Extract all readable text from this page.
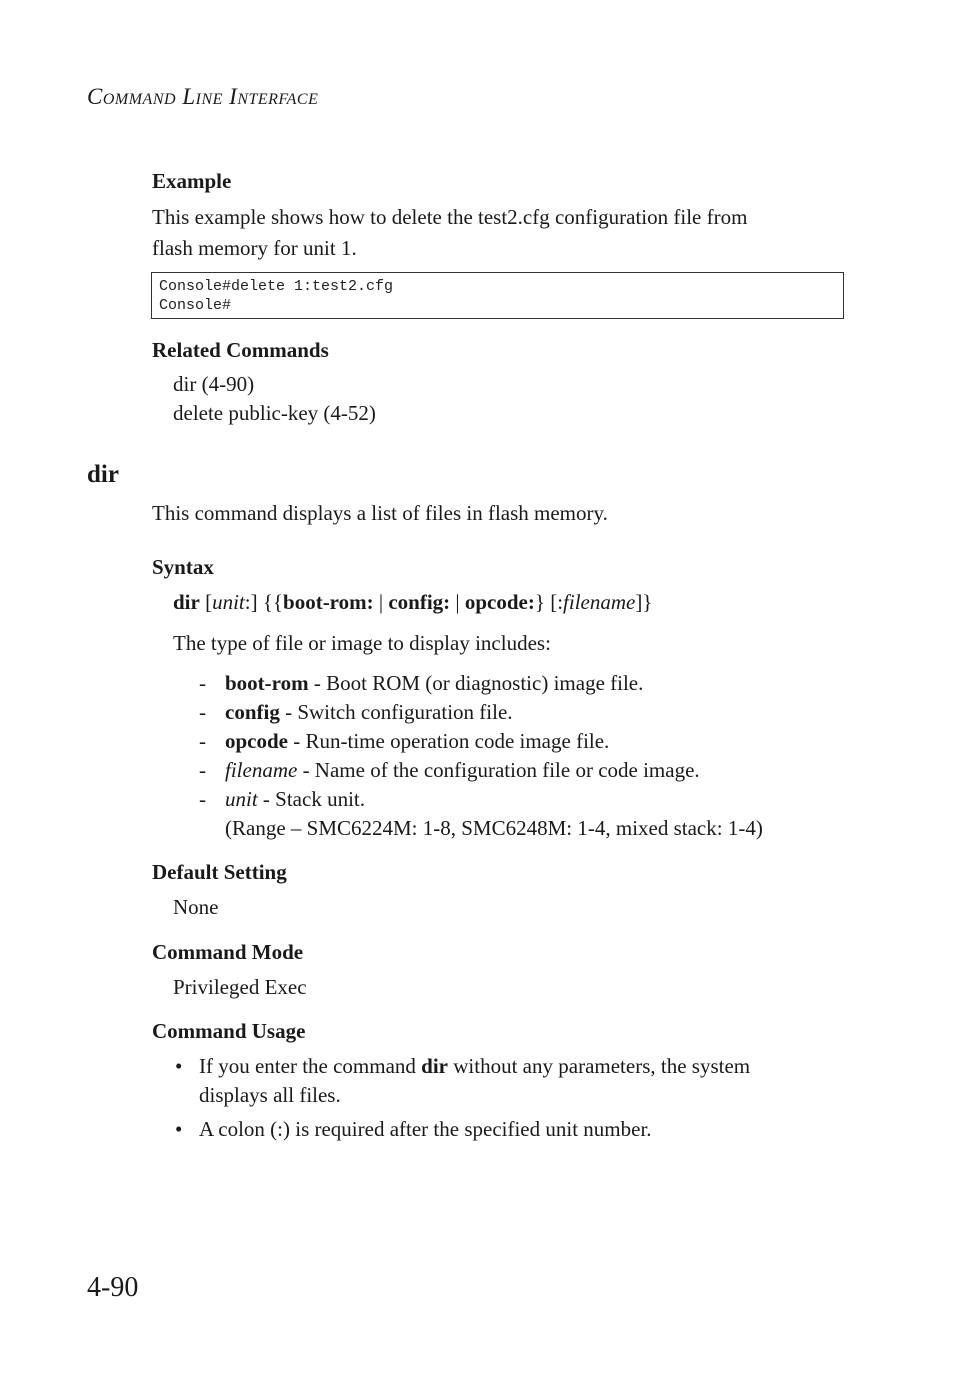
COMMAND LINE INTERFACE
Example
This example shows how to delete the test2.cfg configuration file from
flash memory for unit 1.
Console#delete 1:test2.cfg
Console#
Related Commands
dir (4-90)
delete public-key (4-52)
dir
This command displays a list of files in flash memory.
Syntax
dir [unit:] {{boot-rom: | config: | opcode:} [:filename]}
The type of file or image to display includes:
- boot-rom - Boot ROM (or diagnostic) image file.
- config - Switch configuration file.
- opcode - Run-time operation code image file.
- filename - Name of the configuration file or code image.
- unit - Stack unit.
(Range – SMC6224M: 1-8, SMC6248M: 1-4, mixed stack: 1-4)
Default Setting
None
Command Mode
Privileged Exec
Command Usage
• If you enter the command dir without any parameters, the system
displays all files.
• A colon (:) is required after the specified unit number.
4-90
